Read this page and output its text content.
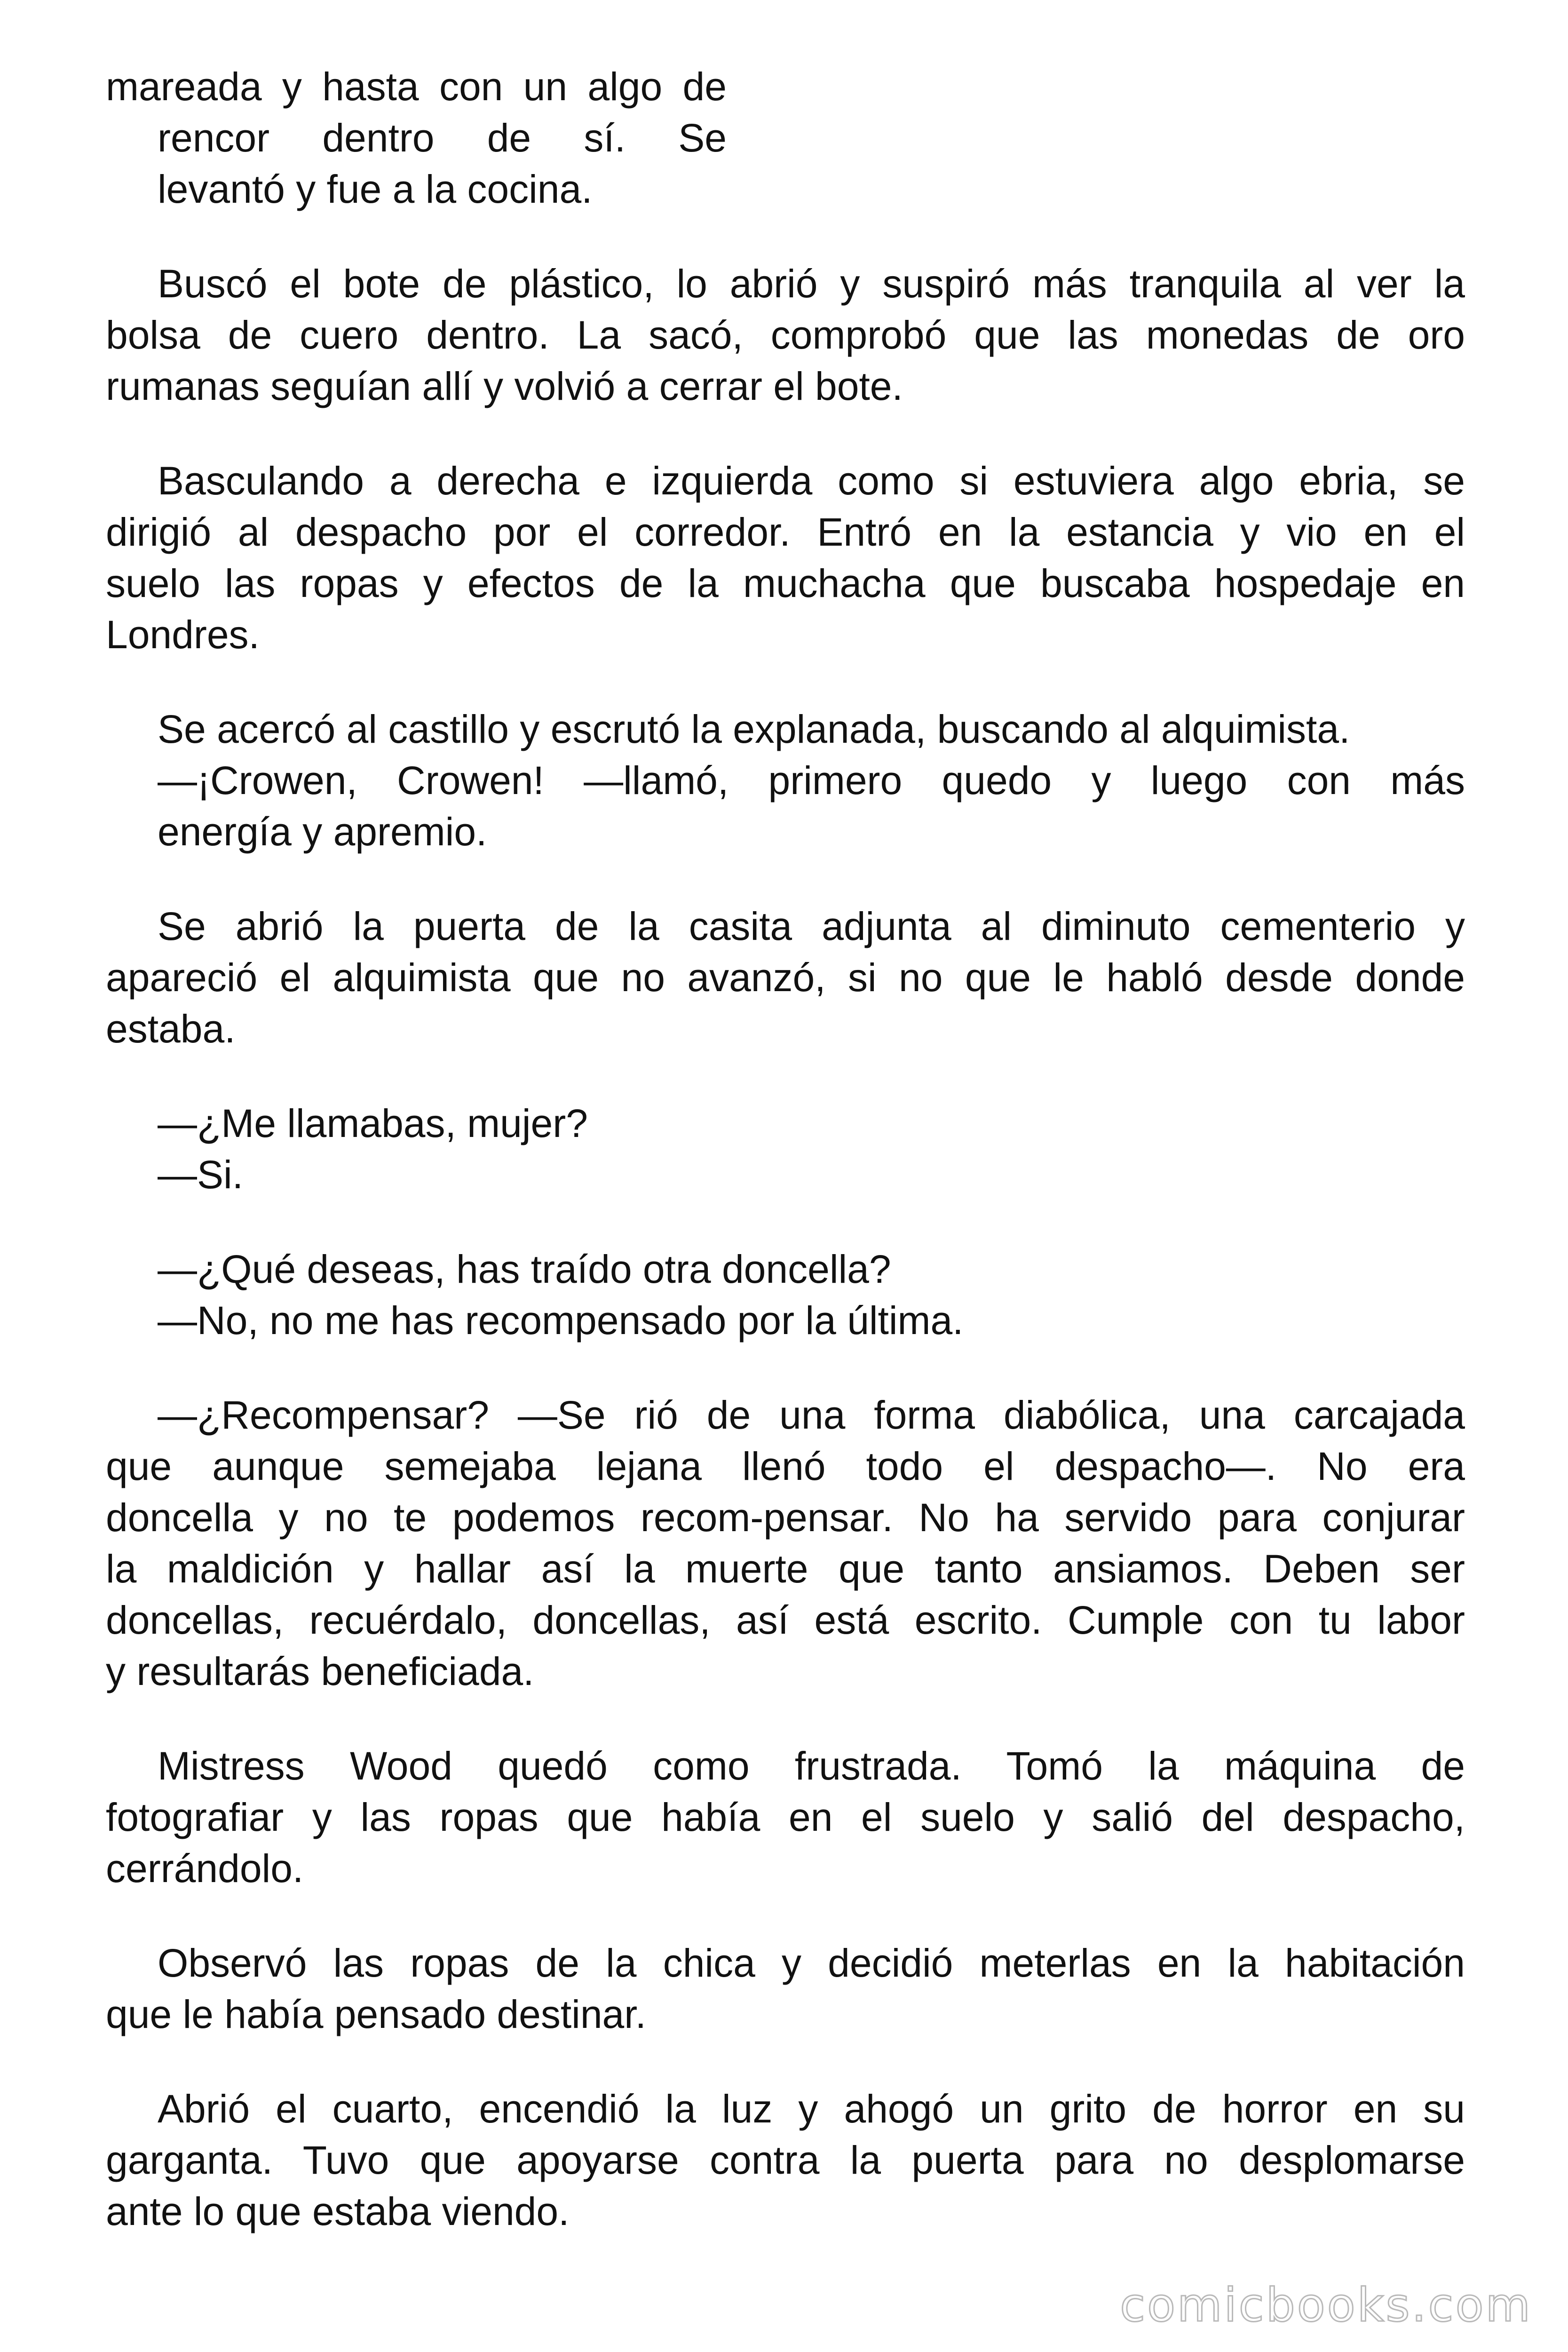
mareada y hasta con un algo de
rencor dentro de sí. Se
levantó y fue a la cocina.
Buscó el bote de plástico, lo abrió y suspiró más tranquila al ver la
bolsa de cuero dentro. La sacó, comprobó que las monedas de oro
rumanas seguían allí y volvió a cerrar el bote.
Basculando a derecha e izquierda como si estuviera algo ebria, se
dirigió al despacho por el corredor. Entró en la estancia y vio en el
suelo las ropas y efectos de la muchacha que buscaba hospedaje en
Londres.
Se acercó al castillo y escrutó la explanada, buscando al alquimista.
—¡Crowen, Crowen! —llamó, primero quedo y luego con más
energía y apremio.
Se abrió la puerta de la casita adjunta al diminuto cementerio y
apareció el alquimista que no avanzó, si no que le habló desde donde
estaba.
—¿Me llamabas, mujer?
—Si.
—¿Qué deseas, has traído otra doncella?
—No, no me has recompensado por la última.
—¿Recompensar? —Se rió de una forma diabólica, una carcajada
que aunque semejaba lejana llenó todo el despacho—. No era
doncella y no te podemos recom-pensar. No ha servido para conjurar
la maldición y hallar así la muerte que tanto ansiamos. Deben ser
doncellas, recuérdalo, doncellas, así está escrito. Cumple con tu labor
y resultarás beneficiada.
Mistress Wood quedó como frustrada. Tomó la máquina de
fotografiar y las ropas que había en el suelo y salió del despacho,
cerrándolo.
Observó las ropas de la chica y decidió meterlas en la habitación
que le había pensado destinar.
Abrió el cuarto, encendió la luz y ahogó un grito de horror en su
garganta. Tuvo que apoyarse contra la puerta para no desplomarse
ante lo que estaba viendo.
comicbooks.com
